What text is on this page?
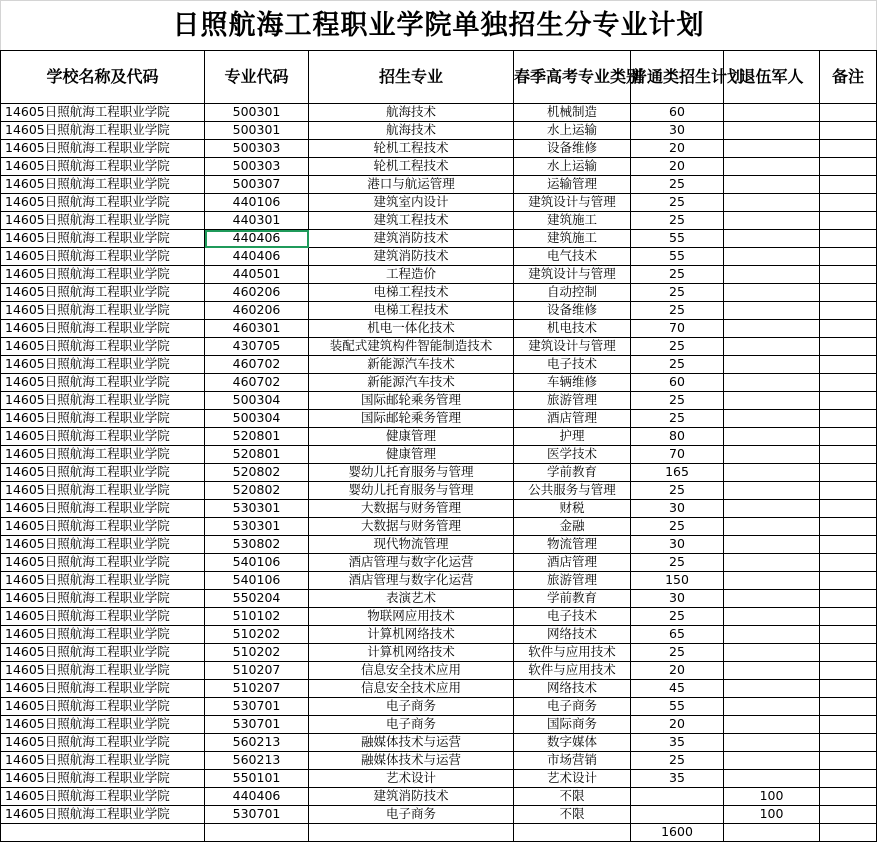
日照航海工程职业学院单独招生分专业计划						
学校名称及代码	专业代码	招生专业	春季高考专业类别	普通类招生计划	退伍军人	备注
14605日照航海工程职业学院	500301	航海技术	机械制造	60		
14605日照航海工程职业学院	500301	航海技术	水上运输	30		
14605日照航海工程职业学院	500303	轮机工程技术	设备维修	20		
14605日照航海工程职业学院	500303	轮机工程技术	水上运输	20		
14605日照航海工程职业学院	500307	港口与航运管理	运输管理	25		
14605日照航海工程职业学院	440106	建筑室内设计	建筑设计与管理	25		
14605日照航海工程职业学院	440301	建筑工程技术	建筑施工	25		
14605日照航海工程职业学院	440406	建筑消防技术	建筑施工	55		
14605日照航海工程职业学院	440406	建筑消防技术	电气技术	55		
14605日照航海工程职业学院	440501	工程造价	建筑设计与管理	25		
14605日照航海工程职业学院	460206	电梯工程技术	自动控制	25		
14605日照航海工程职业学院	460206	电梯工程技术	设备维修	25		
14605日照航海工程职业学院	460301	机电一体化技术	机电技术	70		
14605日照航海工程职业学院	430705	装配式建筑构件智能制造技术	建筑设计与管理	25		
14605日照航海工程职业学院	460702	新能源汽车技术	电子技术	25		
14605日照航海工程职业学院	460702	新能源汽车技术	车辆维修	60		
14605日照航海工程职业学院	500304	国际邮轮乘务管理	旅游管理	25		
14605日照航海工程职业学院	500304	国际邮轮乘务管理	酒店管理	25		
14605日照航海工程职业学院	520801	健康管理	护理	80		
14605日照航海工程职业学院	520801	健康管理	医学技术	70		
14605日照航海工程职业学院	520802	婴幼儿托育服务与管理	学前教育	165		
14605日照航海工程职业学院	520802	婴幼儿托育服务与管理	公共服务与管理	25		
14605日照航海工程职业学院	530301	大数据与财务管理	财税	30		
14605日照航海工程职业学院	530301	大数据与财务管理	金融	25		
14605日照航海工程职业学院	530802	现代物流管理	物流管理	30		
14605日照航海工程职业学院	540106	酒店管理与数字化运营	酒店管理	25		
14605日照航海工程职业学院	540106	酒店管理与数字化运营	旅游管理	150		
14605日照航海工程职业学院	550204	表演艺术	学前教育	30		
14605日照航海工程职业学院	510102	物联网应用技术	电子技术	25		
14605日照航海工程职业学院	510202	计算机网络技术	网络技术	65		
14605日照航海工程职业学院	510202	计算机网络技术	软件与应用技术	25		
14605日照航海工程职业学院	510207	信息安全技术应用	软件与应用技术	20		
14605日照航海工程职业学院	510207	信息安全技术应用	网络技术	45		
14605日照航海工程职业学院	530701	电子商务	电子商务	55		
14605日照航海工程职业学院	530701	电子商务	国际商务	20		
14605日照航海工程职业学院	560213	融媒体技术与运营	数字媒体	35		
14605日照航海工程职业学院	560213	融媒体技术与运营	市场营销	25		
14605日照航海工程职业学院	550101	艺术设计	艺术设计	35		
14605日照航海工程职业学院	440406	建筑消防技术	不限		100	
14605日照航海工程职业学院	530701	电子商务	不限		100	
				1600		
